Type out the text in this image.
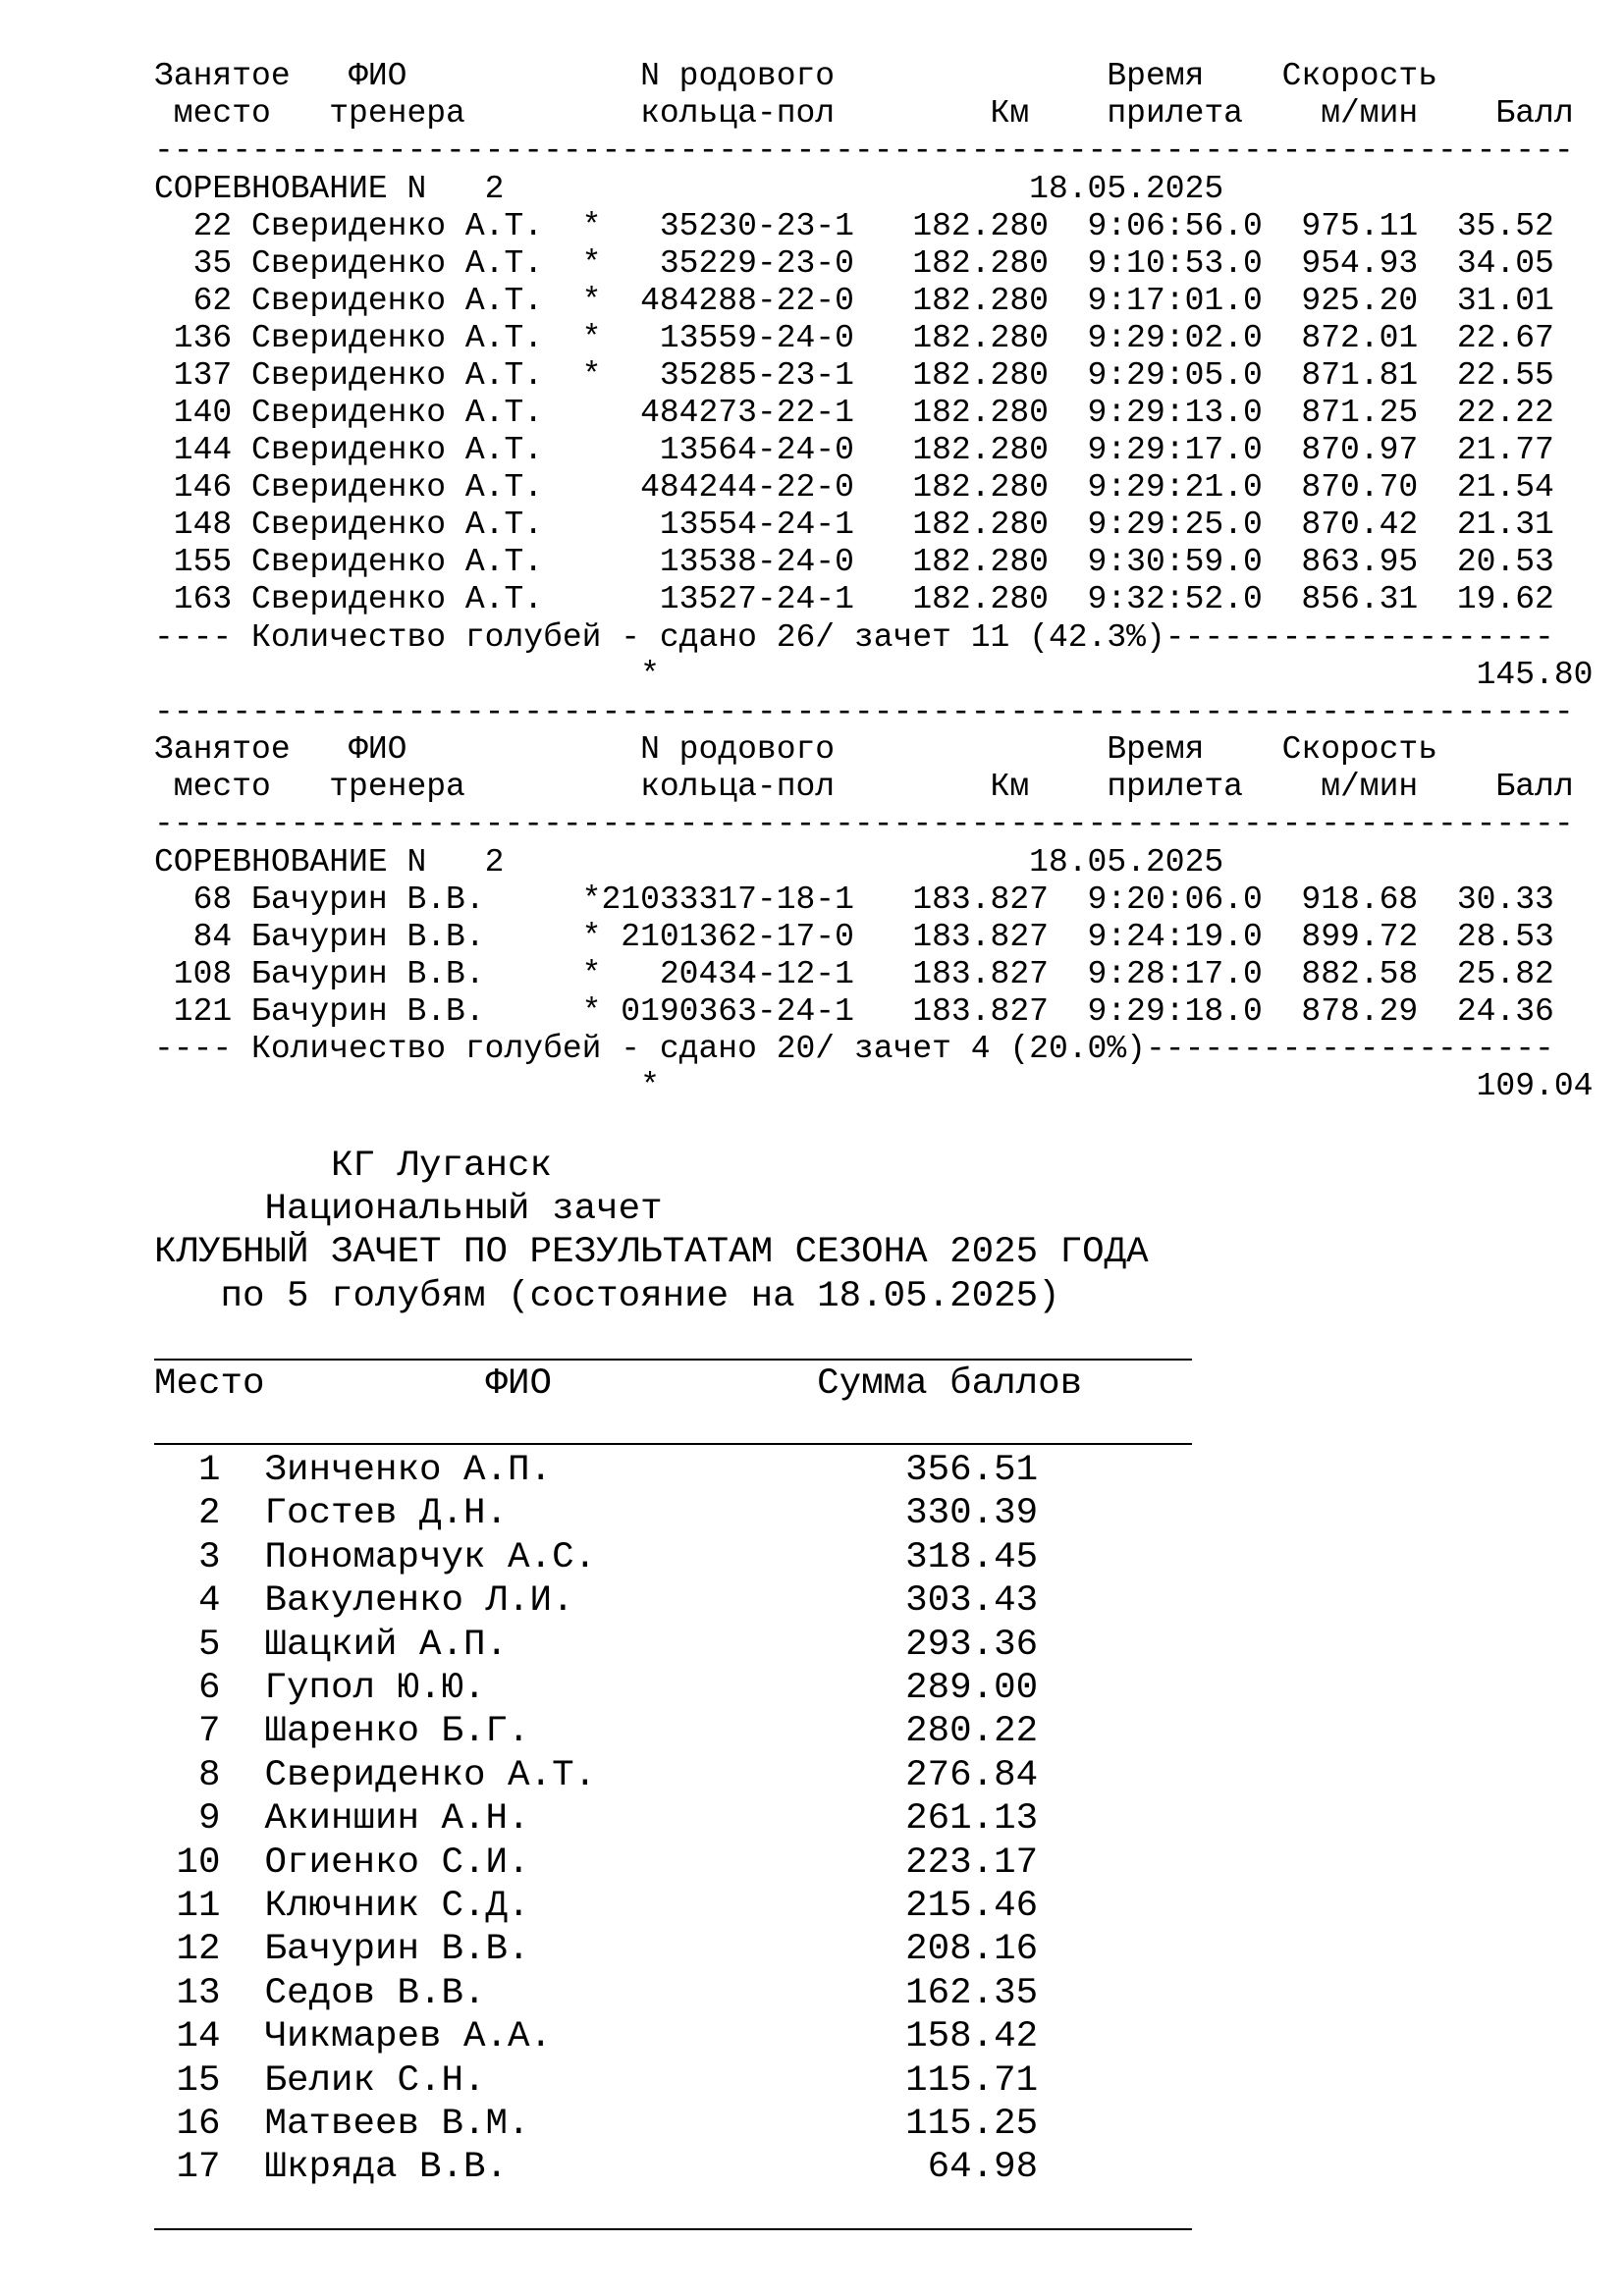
Занятое   ФИО            N родового              Время    Скорость
место   тренера         кольца-пол        Км    прилета    м/мин    Балл
-------------------------------------------------------------------------
СОРЕВНОВАНИЕ N   2                           18.05.2025
22 Свериденко А.Т.  *   35230-23-1   182.280  9:06:56.0  975.11  35.52
35 Свериденко А.Т.  *   35229-23-0   182.280  9:10:53.0  954.93  34.05
62 Свериденко А.Т.  *  484288-22-0   182.280  9:17:01.0  925.20  31.01
136 Свериденко А.Т.  *   13559-24-0   182.280  9:29:02.0  872.01  22.67
137 Свериденко А.Т.  *   35285-23-1   182.280  9:29:05.0  871.81  22.55
140 Свериденко А.Т.     484273-22-1   182.280  9:29:13.0  871.25  22.22
144 Свериденко А.Т.      13564-24-0   182.280  9:29:17.0  870.97  21.77
146 Свериденко А.Т.     484244-22-0   182.280  9:29:21.0  870.70  21.54
148 Свериденко А.Т.      13554-24-1   182.280  9:29:25.0  870.42  21.31
155 Свериденко А.Т.      13538-24-0   182.280  9:30:59.0  863.95  20.53
163 Свериденко А.Т.      13527-24-1   182.280  9:32:52.0  856.31  19.62
---- Количество голубей - сдано 26/ зачет 11 (42.3%)--------------------
*                                          145.80
-------------------------------------------------------------------------
Занятое   ФИО            N родового              Время    Скорость
место   тренера         кольца-пол        Км    прилета    м/мин    Балл
-------------------------------------------------------------------------
СОРЕВНОВАНИЕ N   2                           18.05.2025
68 Бачурин В.В.     *21033317-18-1   183.827  9:20:06.0  918.68  30.33
84 Бачурин В.В.     * 2101362-17-0   183.827  9:24:19.0  899.72  28.53
108 Бачурин В.В.     *   20434-12-1   183.827  9:28:17.0  882.58  25.82
121 Бачурин В.В.     * 0190363-24-1   183.827  9:29:18.0  878.29  24.36
---- Количество голубей - сдано 20/ зачет 4 (20.0%)---------------------
*                                          109.04
КГ Луганск
Национальный зачет
КЛУБНЫЙ ЗАЧЕТ ПО РЕЗУЛЬТАТАМ СЕЗОНА 2025 ГОДА
по 5 голубям (состояние на 18.05.2025)
Место          ФИО            Сумма баллов
1  Зинченко А.П.                356.51
2  Гостев Д.Н.                  330.39
3  Пономарчук А.С.              318.45
4  Вакуленко Л.И.               303.43
5  Шацкий А.П.                  293.36
6  Гупол Ю.Ю.                   289.00
7  Шаренко Б.Г.                 280.22
8  Свериденко А.Т.              276.84
9  Акиншин А.Н.                 261.13
10  Огиенко С.И.                 223.17
11  Ключник С.Д.                 215.46
12  Бачурин В.В.                 208.16
13  Седов В.В.                   162.35
14  Чикмарев А.А.                158.42
15  Белик С.Н.                   115.71
16  Матвеев В.М.                 115.25
17  Шкряда В.В.                   64.98
